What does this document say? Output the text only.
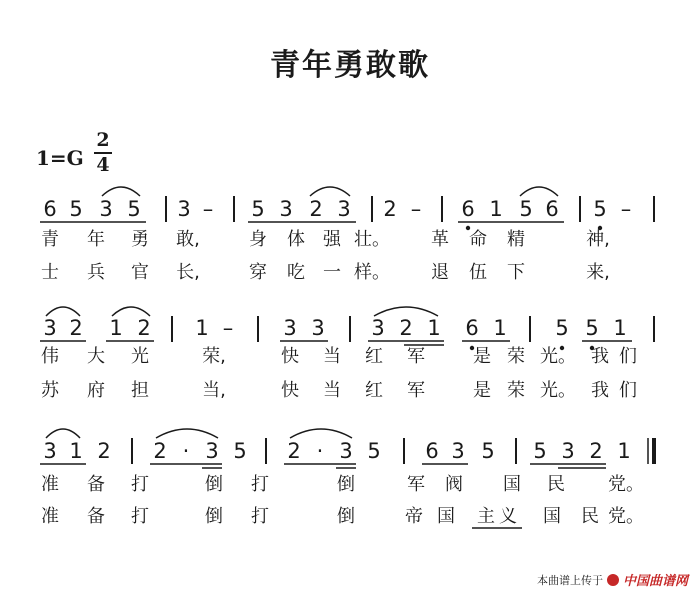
青年勇敢歌
1=G
2
4
6 5 3 5 3 – 5 3 2 3 2 – 6 1 5 6 5 –
青 年 勇 敢,	身 体 强 壮。 革 命 精	神,
士 兵 官 长,	穿 吃 一 样。 退 伍 下	来,
3 2 1 2 1 – 3 3 3 2 1 6 1 5 5 1
伟 大 光	荣,	快 当 红 军	是 荣 光。 我 们
苏 府 担	当,	快 当 红 军	是 荣 光。 我 们
3 1 2 2 · 3 5 2 · 3 5 6 3 5 5 3 2 1
准 备 打	倒 打	倒	军 阀 国 民 党。
准 备 打	倒 打	倒	帝 国 主 义 国 民 党。
本曲谱上传于 中国曲谱网
